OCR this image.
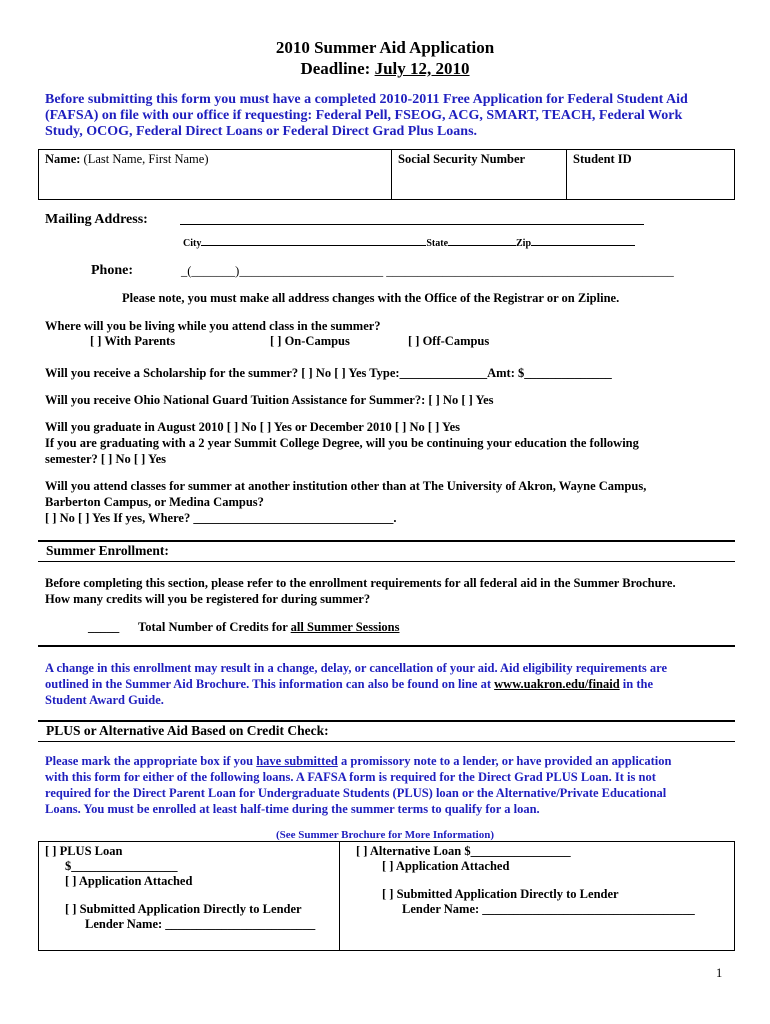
2010 Summer Aid Application
Deadline: July 12, 2010
Before submitting this form you must have a completed 2010-2011 Free Application for Federal Student Aid
(FAFSA) on file with our office if requesting: Federal Pell, FSEOG, ACG, SMART, TEACH, Federal Work
Study, OCOG, Federal Direct Loans or Federal Direct Grad Plus Loans.
Name: (Last Name, First Name)	Social Security Number	Student ID
Mailing Address:
City	State	Zip
Phone:	_(_______)_______________________ ______________________________________________
Please note, you must make all address changes with the Office of the Registrar or on Zipline.
Where will you be living while you attend class in the summer?
[ ] With Parents	[ ] On-Campus	[ ] Off-Campus
Will you receive a Scholarship for the summer? [ ] No [ ] Yes Type:______________Amt: $______________
Will you receive Ohio National Guard Tuition Assistance for Summer?: [ ] No [ ] Yes
Will you graduate in August 2010 [ ] No [ ] Yes or December 2010 [ ] No [ ] Yes
If you are graduating with a 2 year Summit College Degree, will you be continuing your education the following
semester? [ ] No [ ] Yes
Will you attend classes for summer at another institution other than at The University of Akron, Wayne Campus,
Barberton Campus, or Medina Campus?
[ ] No [ ] Yes If yes, Where? ________________________________.
Summer Enrollment:
Before completing this section, please refer to the enrollment requirements for all federal aid in the Summer Brochure.
How many credits will you be registered for during summer?
_____ Total Number of Credits for all Summer Sessions
A change in this enrollment may result in a change, delay, or cancellation of your aid. Aid eligibility requirements are
outlined in the Summer Aid Brochure. This information can also be found on line at www.uakron.edu/finaid in the
Student Award Guide.
PLUS or Alternative Aid Based on Credit Check:
Please mark the appropriate box if you have submitted a promissory note to a lender, or have provided an application
with this form for either of the following loans. A FAFSA form is required for the Direct Grad PLUS Loan. It is not
required for the Direct Parent Loan for Undergraduate Students (PLUS) loan or the Alternative/Private Educational
Loans. You must be enrolled at least half-time during the summer terms to qualify for a loan.
(See Summer Brochure for More Information)
[ ] PLUS Loan
$_________________
[ ] Application Attached
[ ] Submitted Application Directly to Lender
Lender Name: ________________________

[ ] Alternative Loan $________________
[ ] Application Attached
[ ] Submitted Application Directly to Lender
Lender Name: __________________________________
1
